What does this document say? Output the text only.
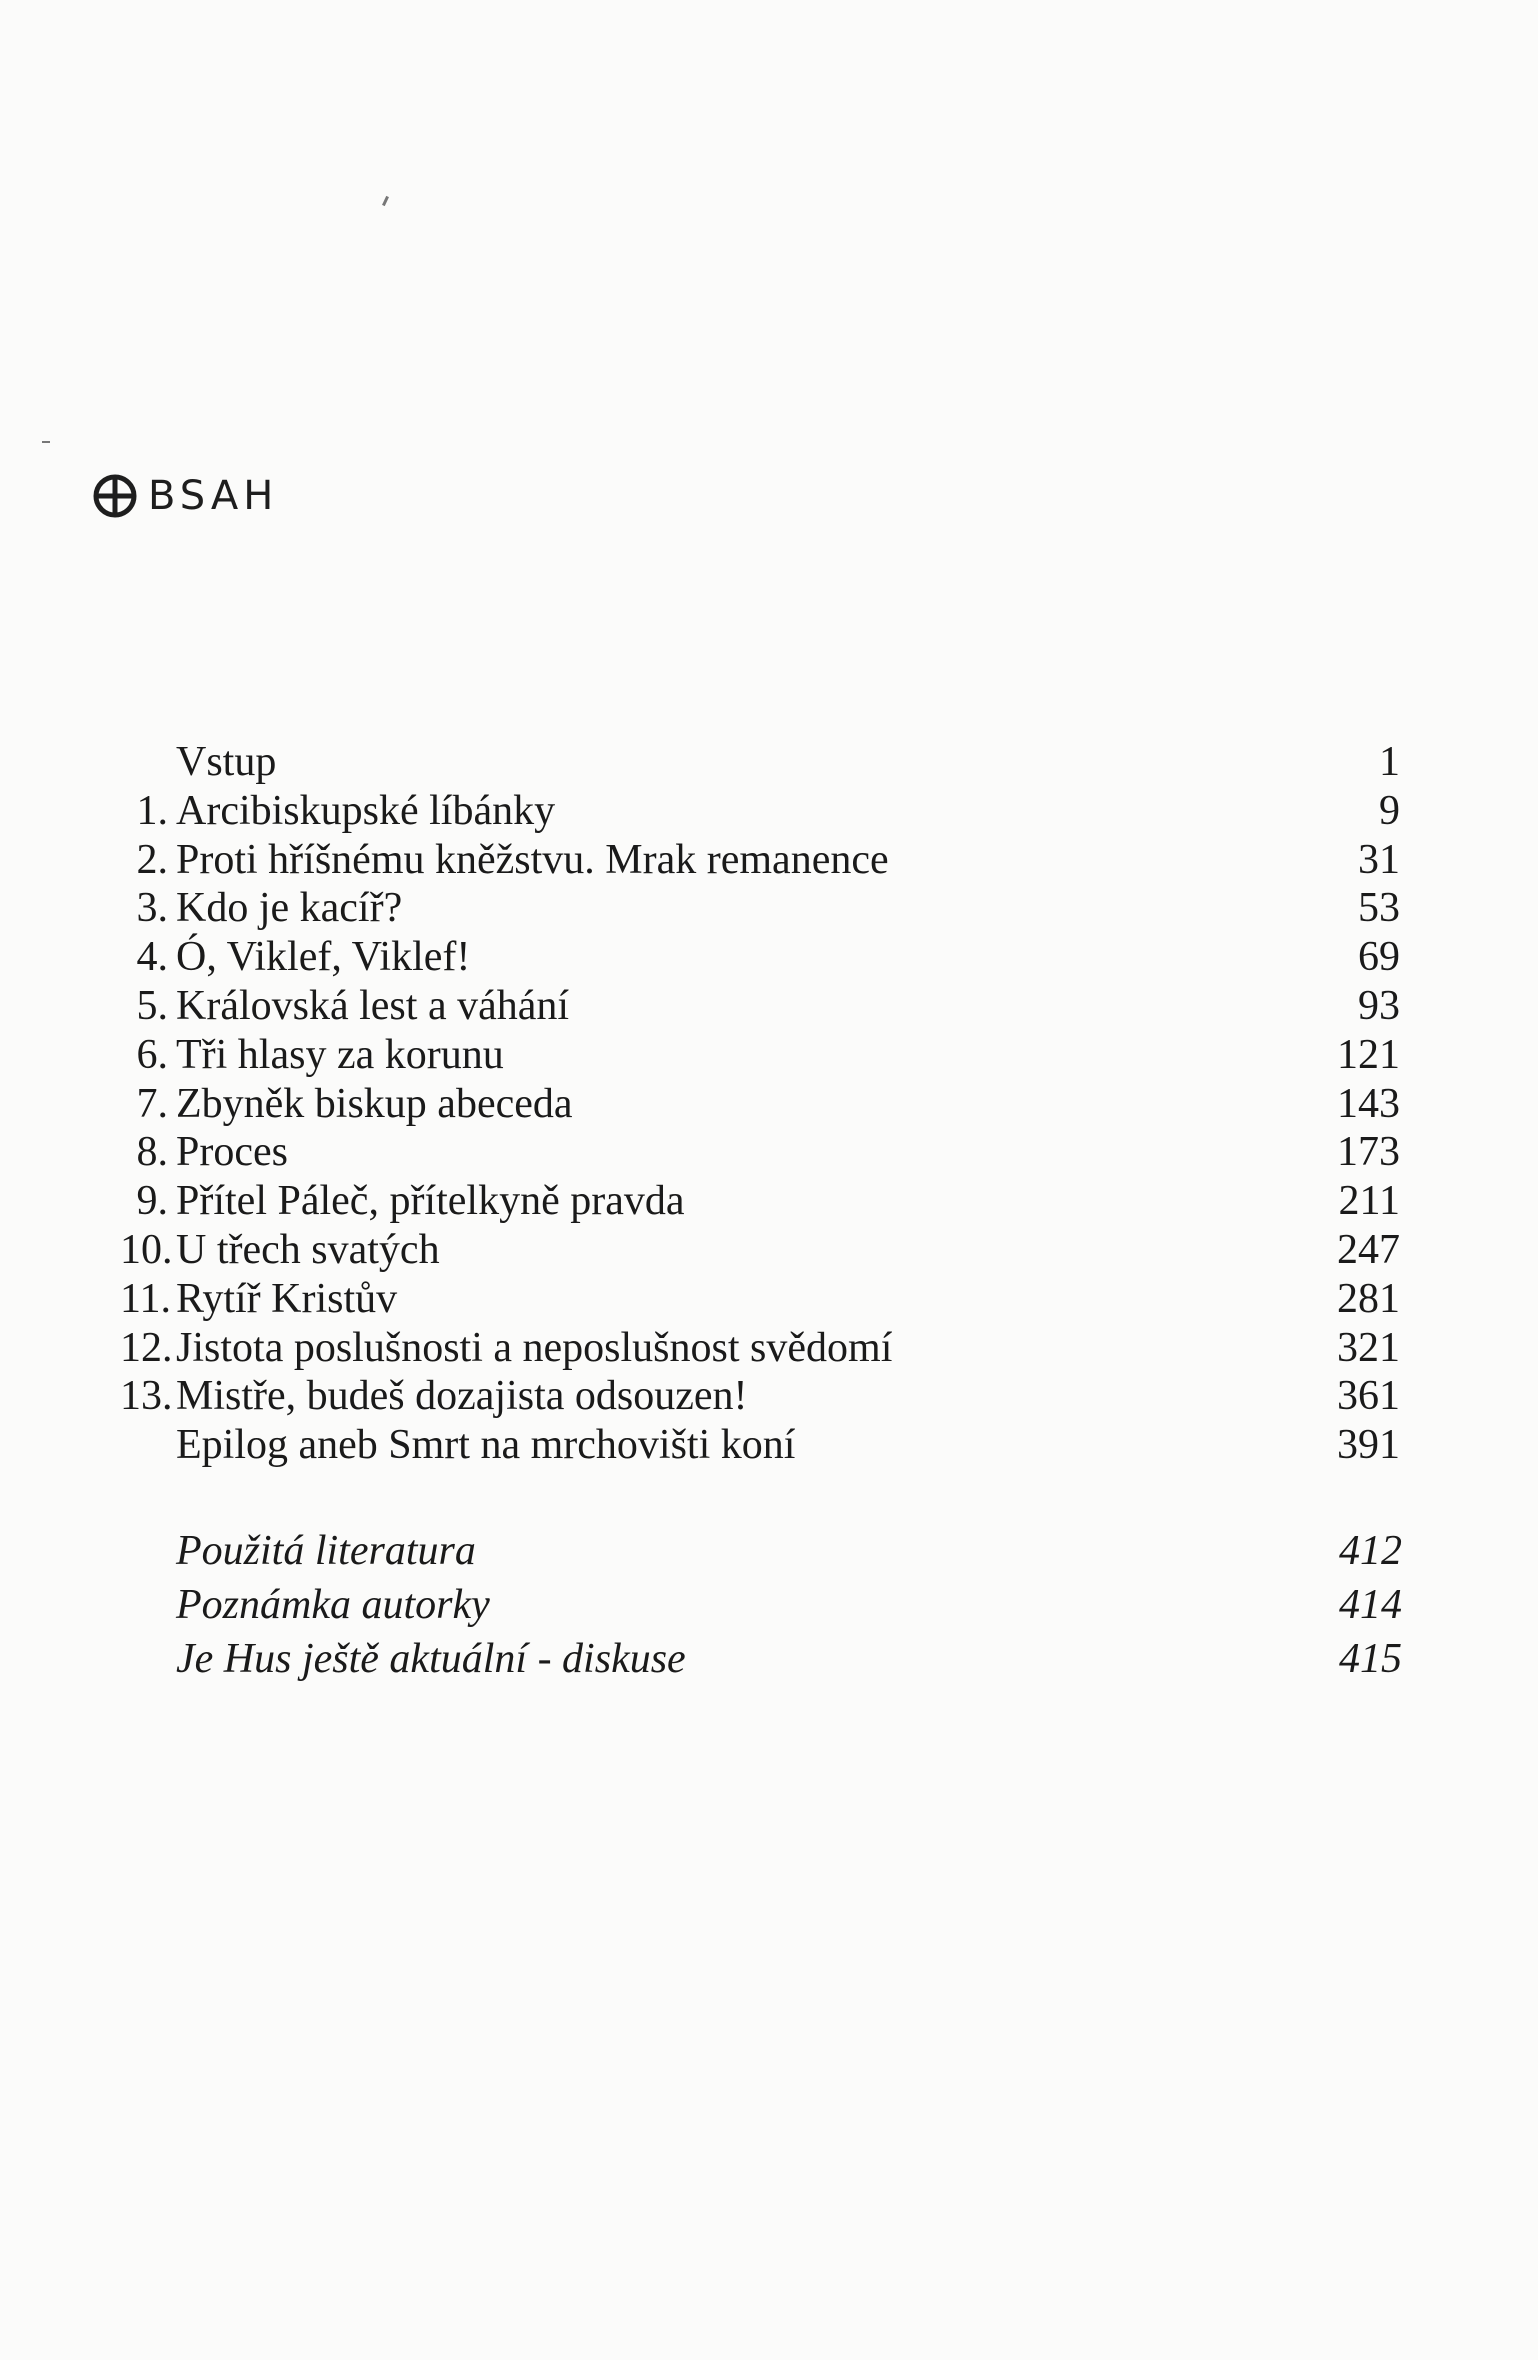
BSAH
Vstup	1
1. Arcibiskupské líbánky	9
2. Proti hříšnému kněžstvu. Mrak remanence	31
3. Kdo je kacíř?	53
4. Ó, Viklef, Viklef!	69
5. Královská lest a váhání	93
6. Tři hlasy za korunu	121
7. Zbyněk biskup abeceda	143
8. Proces	173
9. Přítel Páleč, přítelkyně pravda	211
10. U třech svatých	247
11. Rytíř Kristův	281
12. Jistota poslušnosti a neposlušnost svědomí	321
13. Mistře, budeš dozajista odsouzen!	361
Epilog aneb Smrt na mrchovišti koní	391
Použitá literatura	412
Poznámka autorky	414
Je Hus ještě aktuální - diskuse	415
